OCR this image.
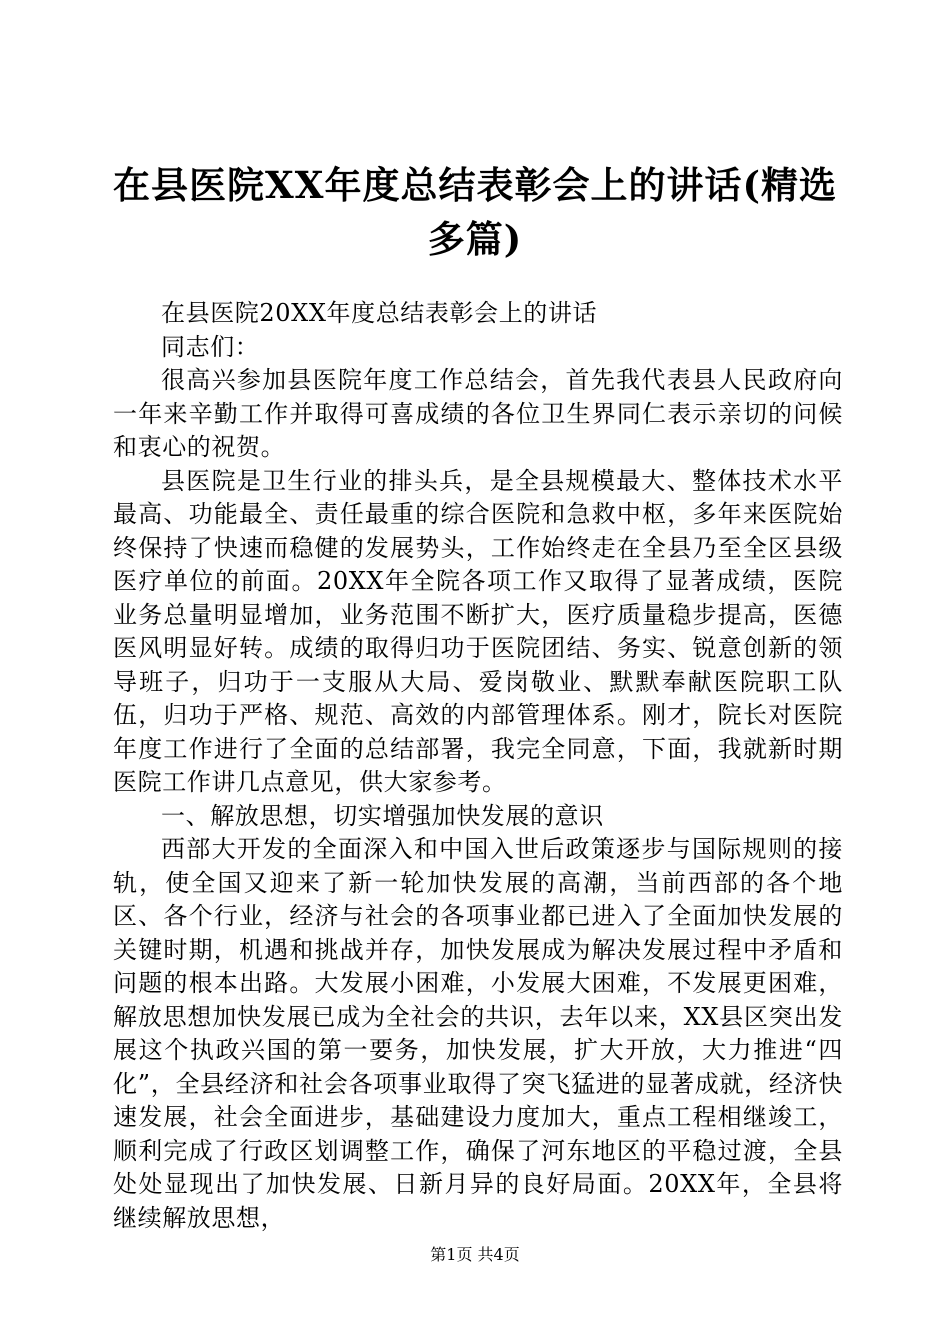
在县医院XX年度总结表彰会上的讲话(精选多篇)

在县医院20XX年度总结表彰会上的讲话

同志们：

很高兴参加县医院年度工作总结会，首先我代表县人民政府向一年来辛勤工作并取得可喜成绩的各位卫生界同仁表示亲切的问候和衷心的祝贺。

县医院是卫生行业的排头兵，是全县规模最大、整体技术水平最高、功能最全、责任最重的综合医院和急救中枢，多年来医院始终保持了快速而稳健的发展势头，工作始终走在全县乃至全区县级医疗单位的前面。20XX年全院各项工作又取得了显著成绩，医院业务总量明显增加，业务范围不断扩大，医疗质量稳步提高，医德医风明显好转。成绩的取得归功于医院团结、务实、锐意创新的领导班子，归功于一支服从大局、爱岗敬业、默默奉献医院职工队伍，归功于严格、规范、高效的内部管理体系。刚才，院长对医院年度工作进行了全面的总结部署，我完全同意，下面，我就新时期医院工作讲几点意见，供大家参考。

一、解放思想，切实增强加快发展的意识

西部大开发的全面深入和中国入世后政策逐步与国际规则的接轨，使全国又迎来了新一轮加快发展的高潮，当前西部的各个地区、各个行业，经济与社会的各项事业都已进入了全面加快发展的关键时期，机遇和挑战并存，加快发展成为解决发展过程中矛盾和问题的根本出路。大发展小困难，小发展大困难，不发展更困难，解放思想加快发展已成为全社会的共识，去年以来，XX县区突出发展这个执政兴国的第一要务，加快发展，扩大开放，大力推进“四化”，全县经济和社会各项事业取得了突飞猛进的显著成就，经济快速发展，社会全面进步，基础建设力度加大，重点工程相继竣工，顺利完成了行政区划调整工作，确保了河东地区的平稳过渡，全县处处显现出了加快发展、日新月异的良好局面。20XX年，全县将继续解放思想，

第1页 共4页
